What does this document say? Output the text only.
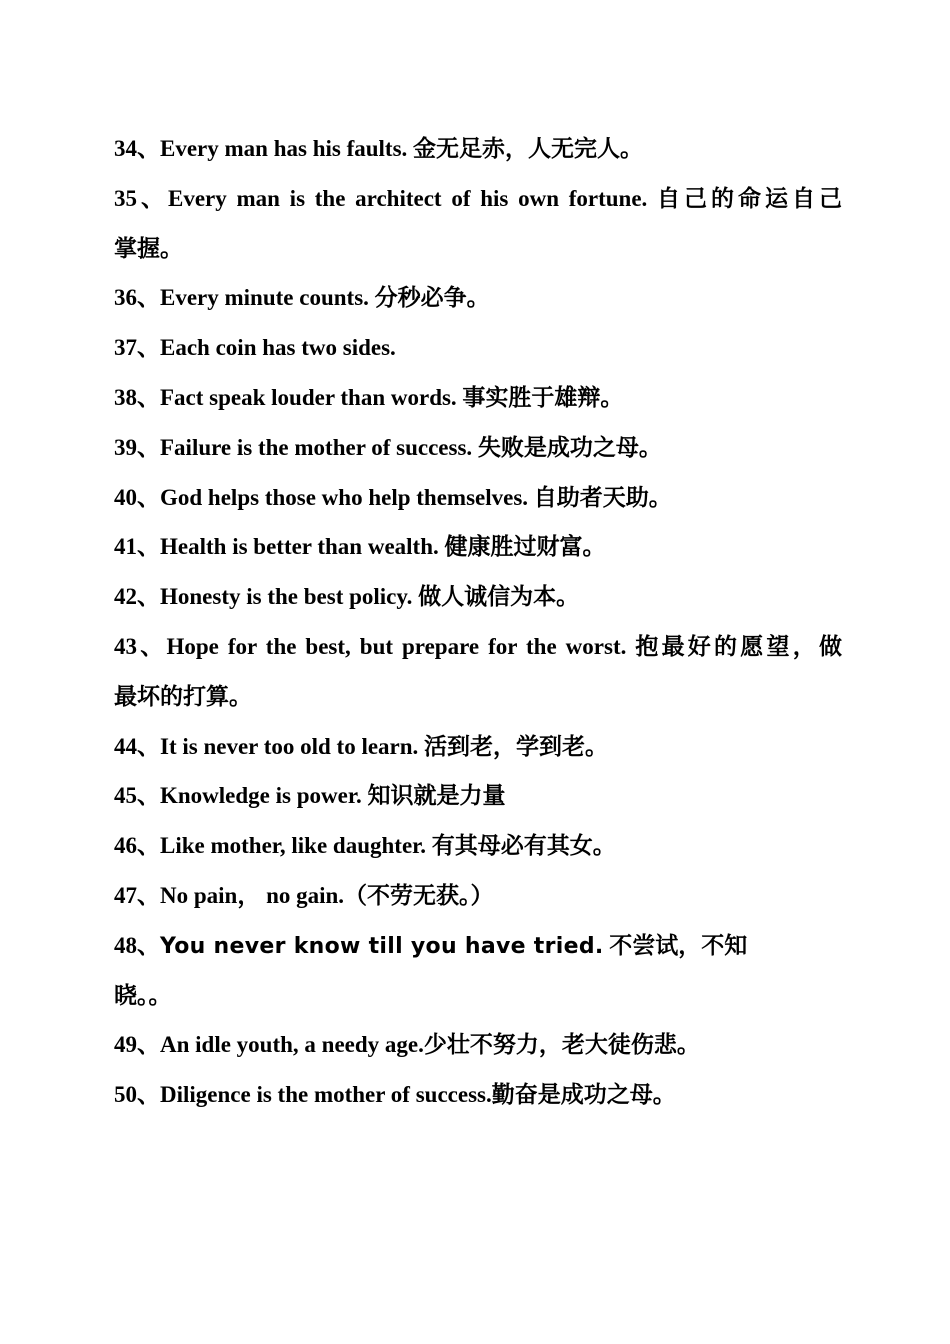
34、Every man has his faults. 金无足赤，人无完人。
35、Every man is the architect of his own fortune. 自己的命运自己
掌握。
36、Every minute counts. 分秒必争。
37、Each coin has two sides.
38、Fact speak louder than words. 事实胜于雄辩。
39、Failure is the mother of success. 失败是成功之母。
40、God helps those who help themselves. 自助者天助。
41、Health is better than wealth. 健康胜过财富。
42、Honesty is the best policy. 做人诚信为本。
43、Hope for the best, but prepare for the worst. 抱最好的愿望，做
最坏的打算。
44、It is never too old to learn. 活到老，学到老。
45、Knowledge is power. 知识就是力量
46、Like mother, like daughter. 有其母必有其女。
47、No pain， no gain.（不劳无获。）
48、You never know till you have tried. 不尝试，不知
晓。。
49、An idle youth, a needy age.少壮不努力，老大徒伤悲。
50、Diligence is the mother of success.勤奋是成功之母。
